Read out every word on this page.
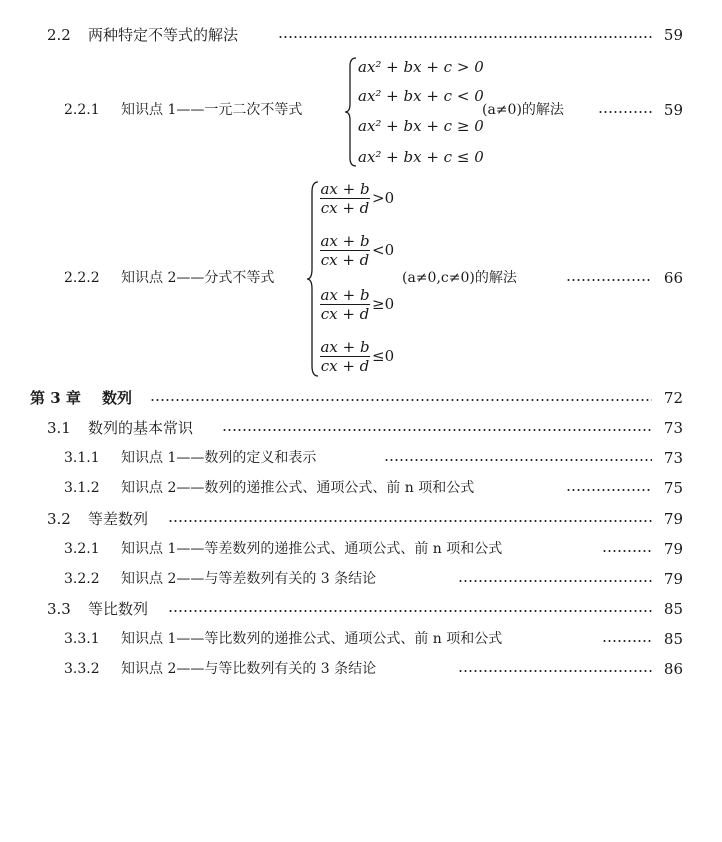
2.2 两种特定不等式的解法	59
2.2.1 知识点 1——一元二次不等式	(a≠0)的解法	59
ax² + bx + c > 0
ax² + bx + c < 0
ax² + bx + c ≥ 0
ax² + bx + c ≤ 0
2.2.2 知识点 2——分式不等式	(a≠0,c≠0)的解法	66
ax + b
cx + d
>0
ax + b
cx + d
<0
ax + b
cx + d
≥0
ax + b
cx + d
≤0
第 3 章 数列	72
3.1 数列的基本常识	73
3.1.1 知识点 1——数列的定义和表示	73
3.1.2 知识点 2——数列的递推公式、通项公式、前 n 项和公式	75
3.2 等差数列	79
3.2.1 知识点 1——等差数列的递推公式、通项公式、前 n 项和公式	79
3.2.2 知识点 2——与等差数列有关的 3 条结论	79
3.3 等比数列	85
3.3.1 知识点 1——等比数列的递推公式、通项公式、前 n 项和公式	85
3.3.2 知识点 2——与等比数列有关的 3 条结论	86
